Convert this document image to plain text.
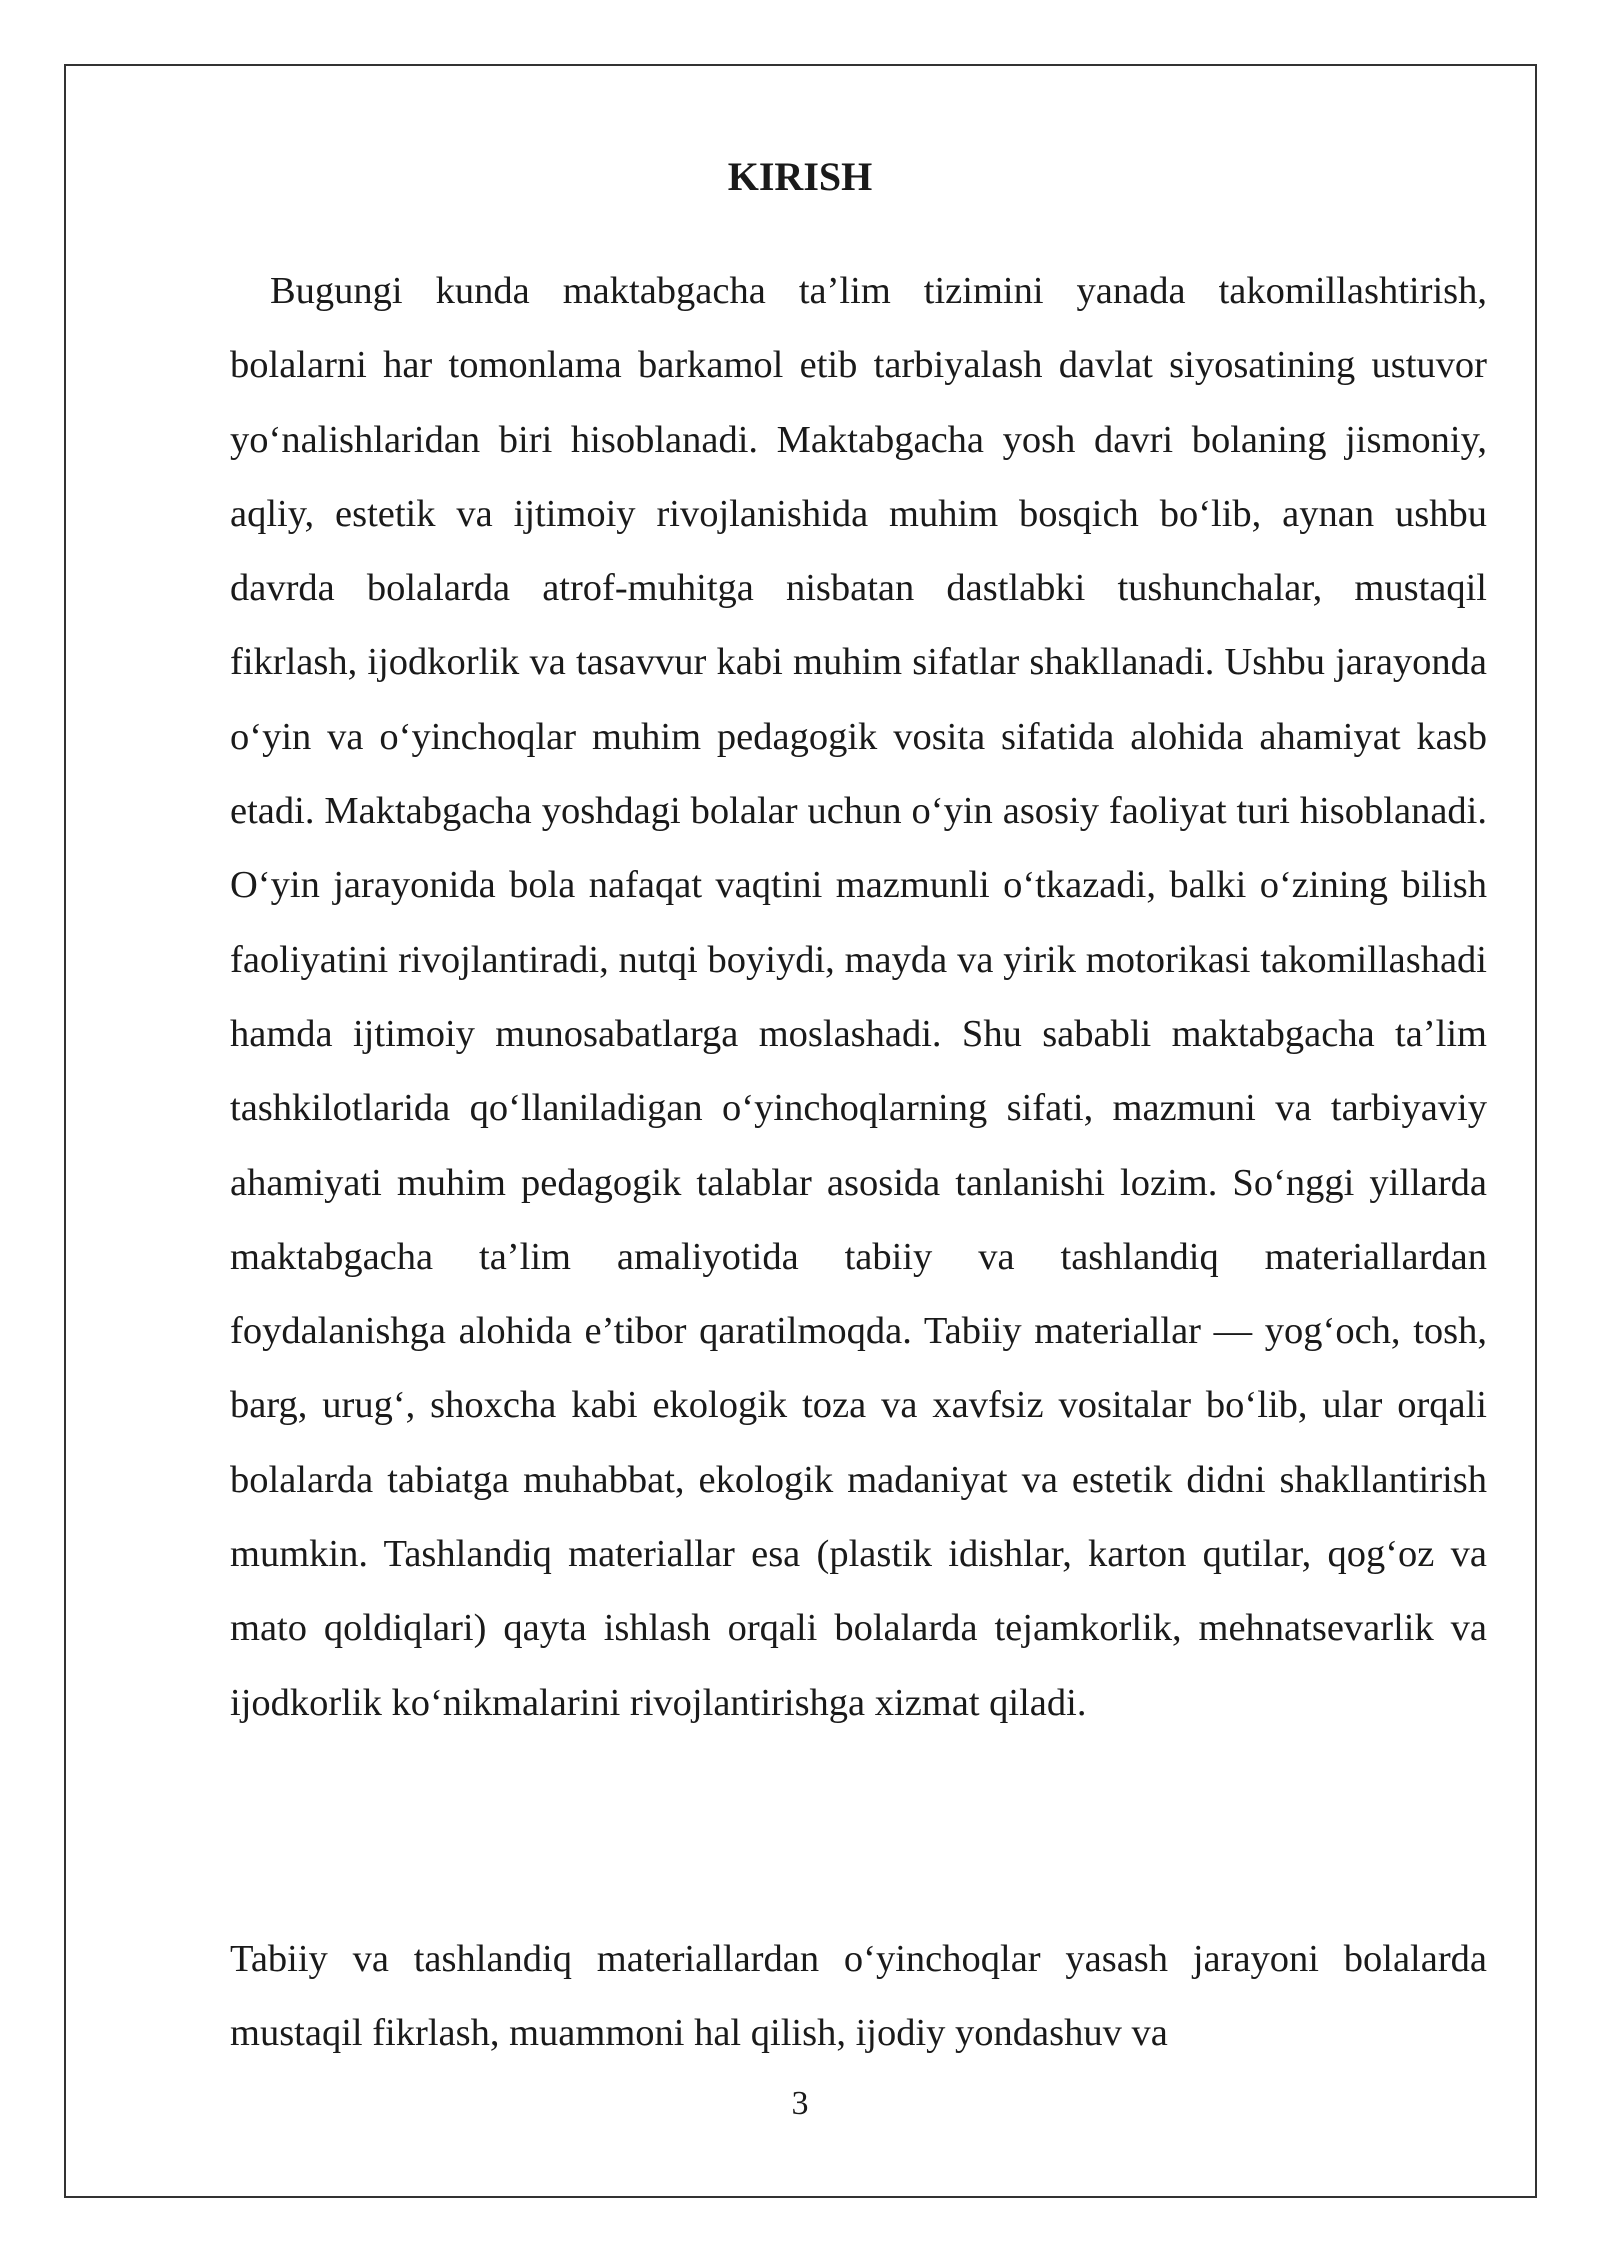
KIRISH

Bugungi kunda maktabgacha ta’lim tizimini yanada takomillashtirish, bolalarni har tomonlama barkamol etib tarbiyalash davlat siyosatining ustuvor yo‘nalishlaridan biri hisoblanadi. Maktabgacha yosh davri bolaning jismoniy, aqliy, estetik va ijtimoiy rivojlanishida muhim bosqich bo‘lib, aynan ushbu davrda bolalarda atrof-muhitga nisbatan dastlabki tushunchalar, mustaqil fikrlash, ijodkorlik va tasavvur kabi muhim sifatlar shakllanadi. Ushbu jarayonda o‘yin va o‘yinchoqlar muhim pedagogik vosita sifatida alohida ahamiyat kasb etadi. Maktabgacha yoshdagi bolalar uchun o‘yin asosiy faoliyat turi hisoblanadi. O‘yin jarayonida bola nafaqat vaqtini mazmunli o‘tkazadi, balki o‘zining bilish faoliyatini rivojlantiradi, nutqi boyiydi, mayda va yirik motorikasi takomillashadi hamda ijtimoiy munosabatlarga moslashadi. Shu sababli maktabgacha ta’lim tashkilotlarida qo‘llaniladigan o‘yinchoqlarning sifati, mazmuni va tarbiyaviy ahamiyati muhim pedagogik talablar asosida tanlanishi lozim. So‘nggi yillarda maktabgacha ta’lim amaliyotida tabiiy va tashlandiq materiallardan foydalanishga alohida e’tibor qaratilmoqda. Tabiiy materiallar — yog‘och, tosh, barg, urug‘, shoxcha kabi ekologik toza va xavfsiz vositalar bo‘lib, ular orqali bolalarda tabiatga muhabbat, ekologik madaniyat va estetik didni shakllantirish mumkin. Tashlandiq materiallar esa (plastik idishlar, karton qutilar, qog‘oz va mato qoldiqlari) qayta ishlash orqali bolalarda tejamkorlik, mehnatsevarlik va ijodkorlik ko‘nikmalarini rivojlantirishga xizmat qiladi.

Tabiiy va tashlandiq materiallardan o‘yinchoqlar yasash jarayoni bolalarda mustaqil fikrlash, muammoni hal qilish, ijodiy yondashuv va

3
